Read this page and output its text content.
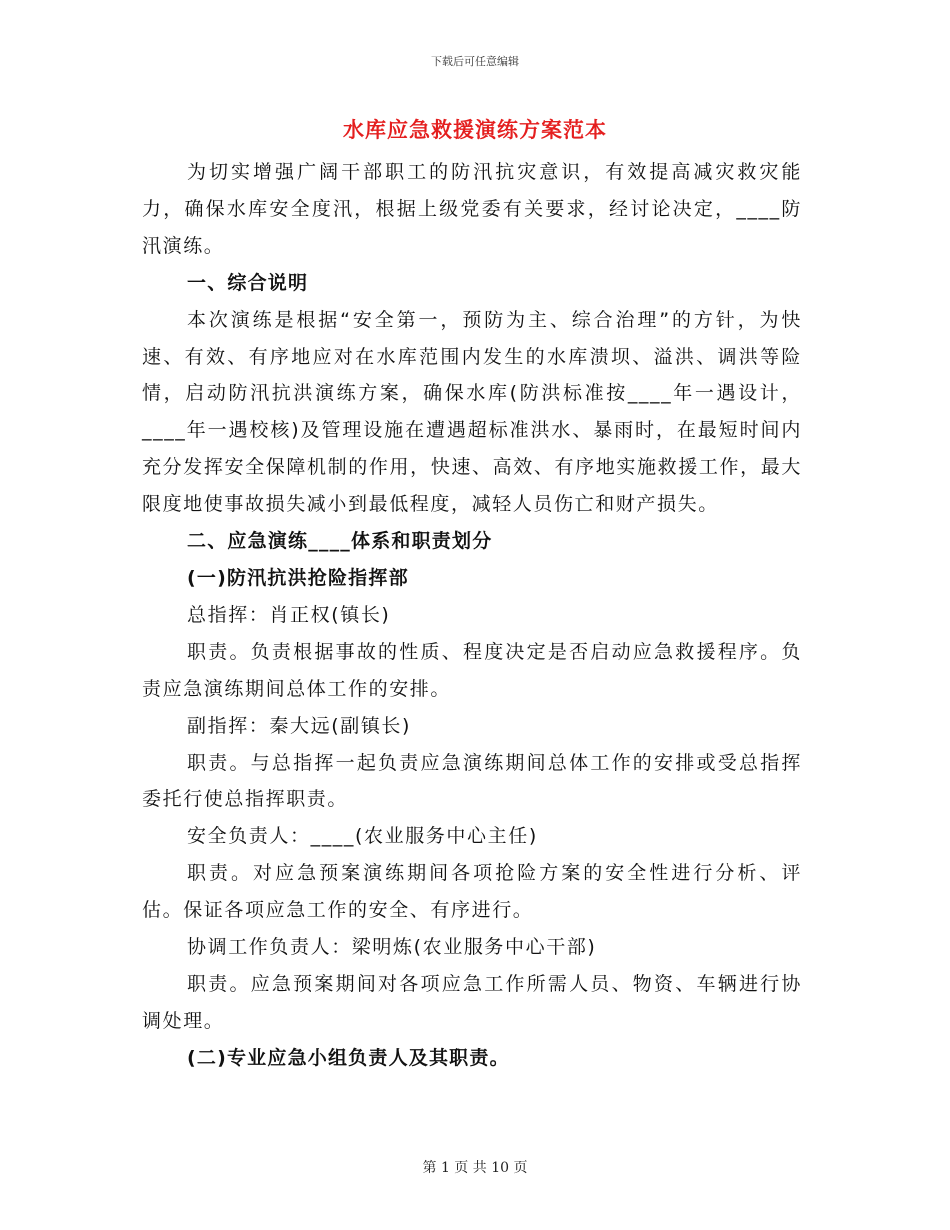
下载后可任意编辑
水库应急救援演练方案范本

为切实增强广阔干部职工的防汛抗灾意识，有效提高减灾救灾能力，确保水库安全度汛，根据上级党委有关要求，经讨论决定，____防汛演练。

一、综合说明

本次演练是根据“安全第一，预防为主、综合治理”的方针，为快速、有效、有序地应对在水库范围内发生的水库溃坝、溢洪、调洪等险情，启动防汛抗洪演练方案，确保水库(防洪标准按____年一遇设计，____年一遇校核)及管理设施在遭遇超标准洪水、暴雨时，在最短时间内充分发挥安全保障机制的作用，快速、高效、有序地实施救援工作，最大限度地使事故损失减小到最低程度，减轻人员伤亡和财产损失。

二、应急演练____体系和职责划分

(一)防汛抗洪抢险指挥部

总指挥：肖正权(镇长)

职责。负责根据事故的性质、程度决定是否启动应急救援程序。负责应急演练期间总体工作的安排。

副指挥：秦大远(副镇长)

职责。与总指挥一起负责应急演练期间总体工作的安排或受总指挥委托行使总指挥职责。

安全负责人：____(农业服务中心主任)

职责。对应急预案演练期间各项抢险方案的安全性进行分析、评估。保证各项应急工作的安全、有序进行。

协调工作负责人：梁明炼(农业服务中心干部)

职责。应急预案期间对各项应急工作所需人员、物资、车辆进行协调处理。

(二)专业应急小组负责人及其职责。

第 1 页 共 10 页
